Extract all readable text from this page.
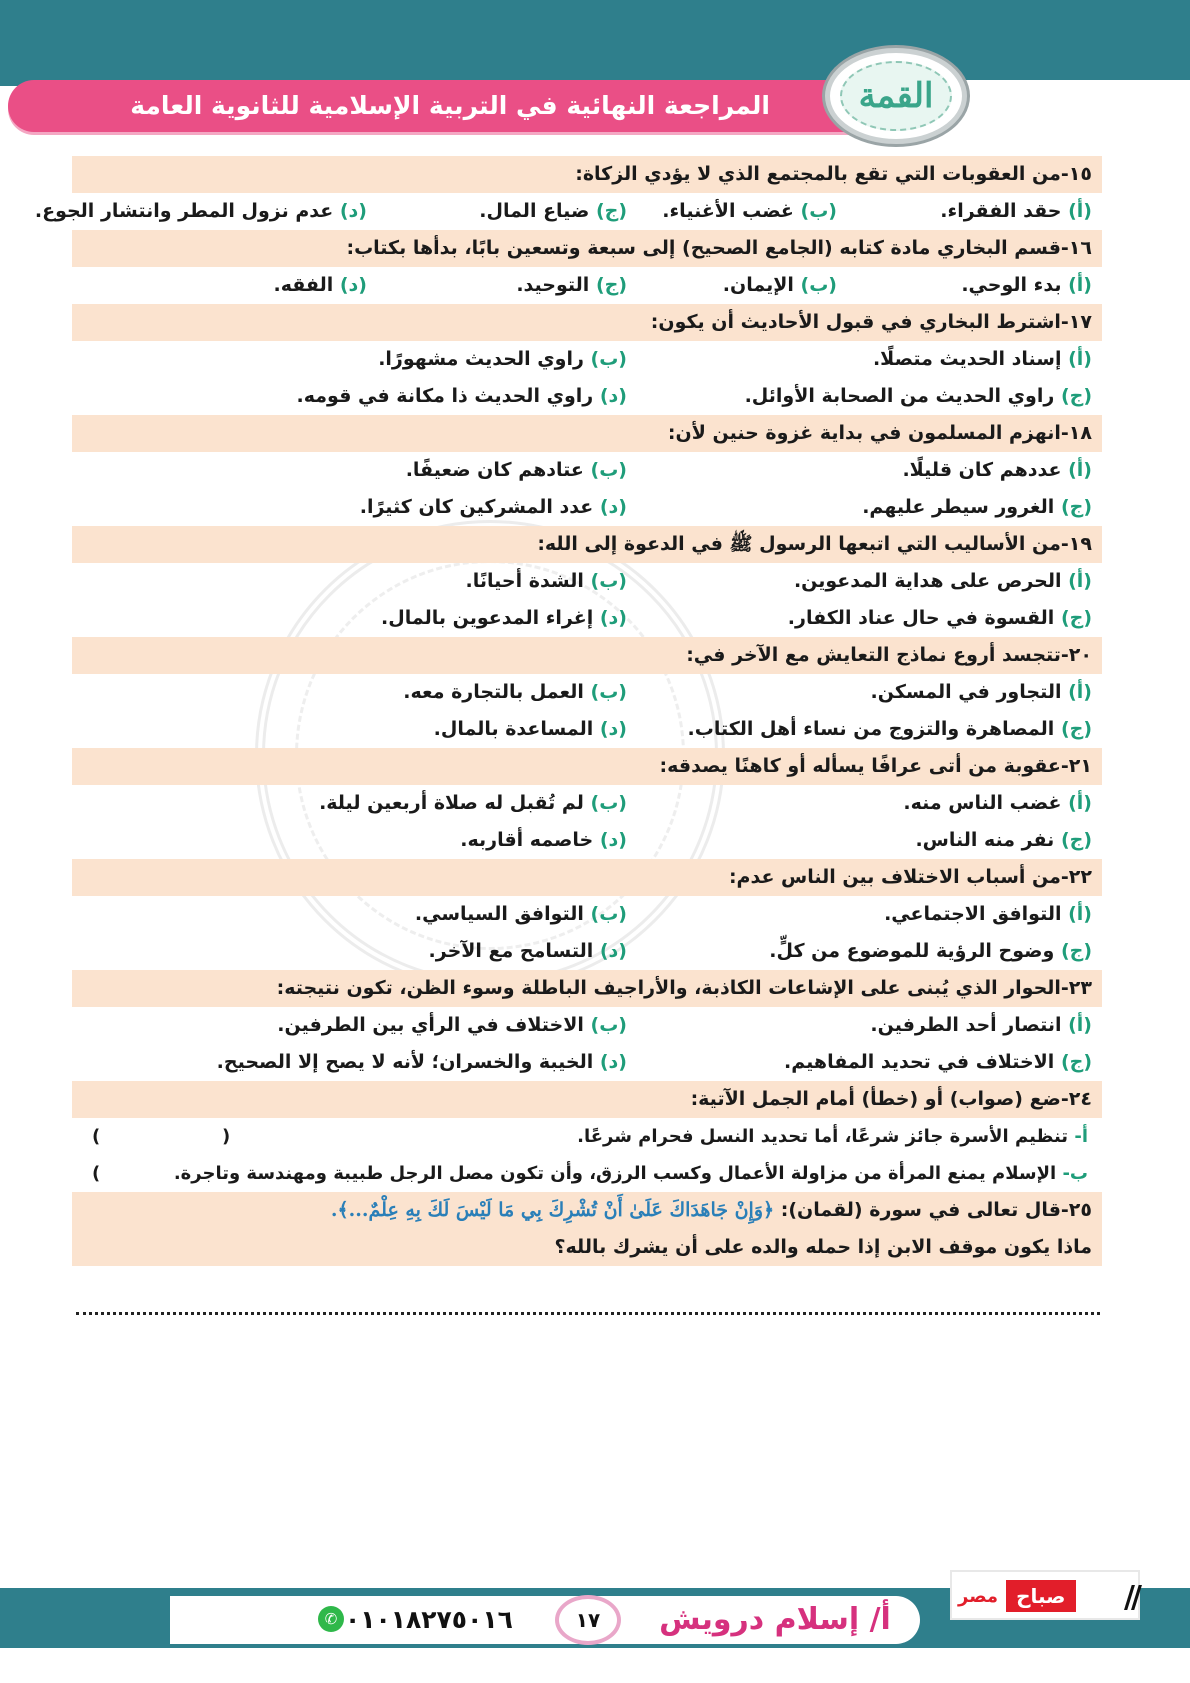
المراجعة النهائية في التربية الإسلامية للثانوية العامة	القمة
١٥-من العقوبات التي تقع بالمجتمع الذي لا يؤدي الزكاة:
(أ) حقد الفقراء.
(ب) غضب الأغنياء.
(ج) ضياع المال.
(د) عدم نزول المطر وانتشار الجوع.
١٦-قسم البخاري مادة كتابه (الجامع الصحيح) إلى سبعة وتسعين بابًا، بدأها بكتاب:
(أ) بدء الوحي.
(ب) الإيمان.
(ج) التوحيد.
(د) الفقه.
١٧-اشترط البخاري في قبول الأحاديث أن يكون:
(أ) إسناد الحديث متصلًا.
(ب) راوي الحديث مشهورًا.
(ج) راوي الحديث من الصحابة الأوائل.
(د) راوي الحديث ذا مكانة في قومه.
١٨-انهزم المسلمون في بداية غزوة حنين لأن:
(أ) عددهم كان قليلًا.
(ب) عتادهم كان ضعيفًا.
(ج) الغرور سيطر عليهم.
(د) عدد المشركين كان كثيرًا.
١٩-من الأساليب التي اتبعها الرسول ﷺ في الدعوة إلى الله:
(أ) الحرص على هداية المدعوين.
(ب) الشدة أحيانًا.
(ج) القسوة في حال عناد الكفار.
(د) إغراء المدعوين بالمال.
٢٠-تتجسد أروع نماذج التعايش مع الآخر في:
(أ) التجاور في المسكن.
(ب) العمل بالتجارة معه.
(ج) المصاهرة والتزوج من نساء أهل الكتاب.
(د) المساعدة بالمال.
٢١-عقوبة من أتى عرافًا يسأله أو كاهنًا يصدقه:
(أ) غضب الناس منه.
(ب) لم تُقبل له صلاة أربعين ليلة.
(ج) نفر منه الناس.
(د) خاصمه أقاربه.
٢٢-من أسباب الاختلاف بين الناس عدم:
(أ) التوافق الاجتماعي.
(ب) التوافق السياسي.
(ج) وضوح الرؤية للموضوع من كلٍّ.
(د) التسامح مع الآخر.
٢٣-الحوار الذي يُبنى على الإشاعات الكاذبة، والأراجيف الباطلة وسوء الظن، تكون نتيجته:
(أ) انتصار أحد الطرفين.
(ب) الاختلاف في الرأي بين الطرفين.
(ج) الاختلاف في تحديد المفاهيم.
(د) الخيبة والخسران؛ لأنه لا يصح إلا الصحيح.
٢٤-ضع (صواب) أو (خطأ) أمام الجمل الآتية:
أ- تنظيم الأسرة جائز شرعًا، أما تحديد النسل فحرام شرعًا.
(
)
ب- الإسلام يمنع المرأة من مزاولة الأعمال وكسب الرزق، وأن تكون مصل الرجل طبيبة ومهندسة وتاجرة.
)
٢٥-قال تعالى في سورة (لقمان): ﴿وَإِنْ جَاهَدَاكَ عَلَىٰ أَنْ تُشْرِكَ بِي مَا لَيْسَ لَكَ بِهِ عِلْمٌ...﴾.
ماذا يكون موقف الابن إذا حمله والده على أن يشرك بالله؟
صباح
مصر	//
أ/ إسلام درويش
١٧
٠١٠١٨٢٧٥٠١٦
✆
